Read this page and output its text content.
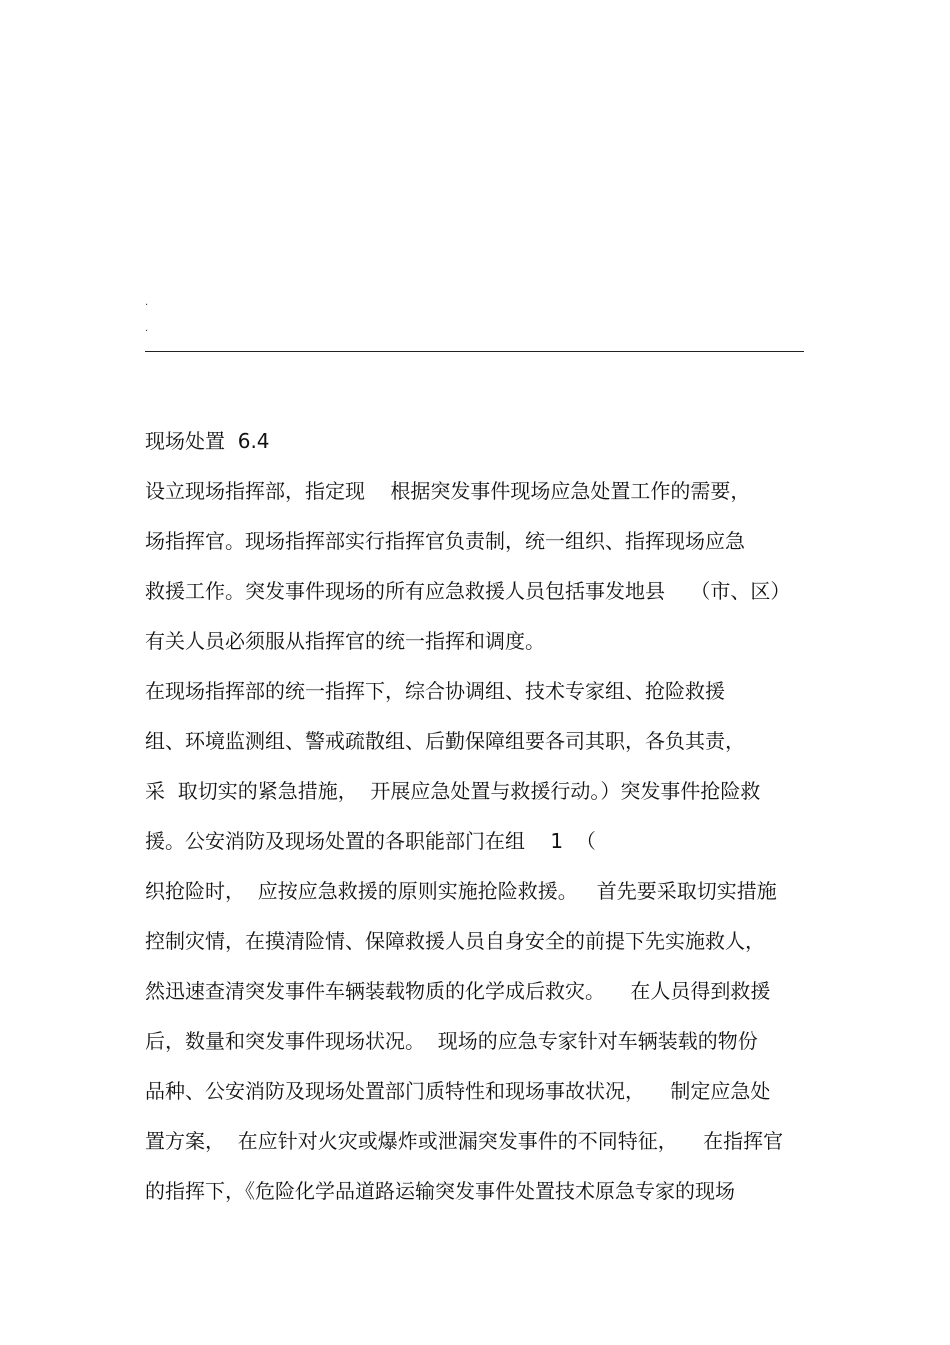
.
.
现场处置  6.4
设立现场指挥部，指定现    根据突发事件现场应急处置工作的需要，
场指挥官。现场指挥部实行指挥官负责制，统一组织、指挥现场应急
救援工作。突发事件现场的所有应急救援人员包括事发地县    （市、区）
有关人员必须服从指挥官的统一指挥和调度。
在现场指挥部的统一指挥下，综合协调组、技术专家组、抢险救援
组、环境监测组、警戒疏散组、后勤保障组要各司其职，各负其责，
采  取切实的紧急措施，  开展应急处置与救援行动。）突发事件抢险救
援。公安消防及现场处置的各职能部门在组    1  （
织抢险时，  应按应急救援的原则实施抢险救援。   首先要采取切实措施
控制灾情，在摸清险情、保障救援人员自身安全的前提下先实施救人，
然迅速查清突发事件车辆装载物质的化学成后救灾。    在人员得到救援
后，数量和突发事件现场状况。  现场的应急专家针对车辆装载的物份
品种、公安消防及现场处置部门质特性和现场事故状况，    制定应急处
置方案，  在应针对火灾或爆炸或泄漏突发事件的不同特征，    在指挥官
的指挥下，《危险化学品道路运输突发事件处置技术原急专家的现场
